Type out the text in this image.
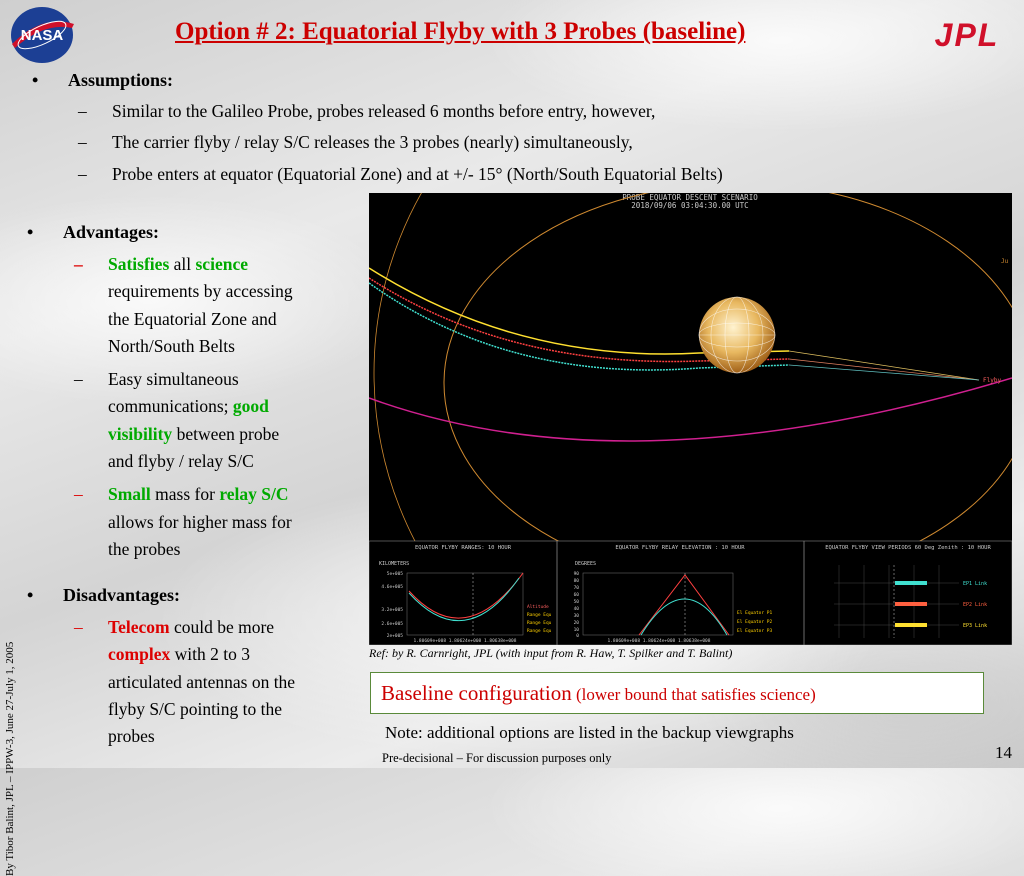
NASA	JPL
Option # 2: Equatorial Flyby with 3 Probes (baseline)
By Tibor Balint, JPL – IPPW-3, June 27-July 1, 2005
• Assumptions:
– Similar to the Galileo Probe, probes released 6 months before entry, however,
– The carrier flyby / relay S/C releases the 3 probes (nearly) simultaneously,
– Probe enters at equator (Equatorial Zone) and at +/- 15° (North/South Equatorial Belts)
• Advantages:
– Satisfies all science
requirements by accessing
the Equatorial Zone and
North/South Belts
– Easy simultaneous
communications; good
visibility between probe
and flyby / relay S/C
– Small mass for relay S/C
allows for higher mass for
the probes
• Disadvantages:
– Telecom could be more
complex with 2 to 3
articulated antennas on the
flyby S/C pointing to the
probes
PROBE EQUATOR DESCENT SCENARIO
2018/09/06 03:04:30.00 UTC
Flyby
Ju
EQUATOR FLYBY RANGES: 10 HOUR
KILOMETERS
5e+005
4.6e+005
3.2e+005
2.6e+005
2e+005
1.80609e+008 1.80624e+008 1.80638e+008
Altitude
Range Equ
Range Equ
Range Equ
EQUATOR FLYBY RELAY ELEVATION : 10 HOUR
DEGREES
90
80
70
60
50
40
30
20
10
0
1.80609e+008 1.80624e+008 1.80638e+008
El Equator P1
El Equator P2
El Equator P3
EQUATOR FLYBY VIEW PERIODS 60 Deg Zenith : 10 HOUR
EP1 Link
EP2 Link
EP3 Link
Ref: by R. Carnright, JPL (with input from R. Haw, T. Spilker and T. Balint)
Baseline configuration (lower bound that satisfies science)
Note: additional options are listed in the backup viewgraphs
Pre-decisional – For discussion purposes only	14
